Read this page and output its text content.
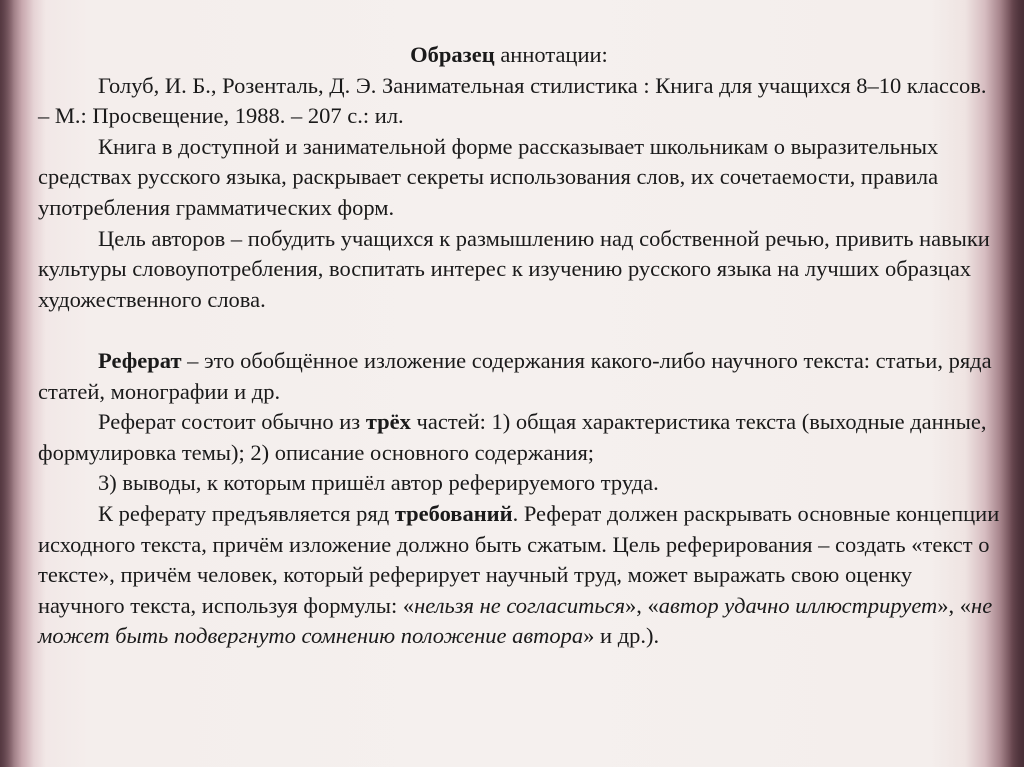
Образец аннотации:

Голуб, И. Б., Розенталь, Д. Э. Занимательная стилистика : Книга для учащихся 8–10 классов. – М.: Просвещение, 1988. – 207 с.: ил.

Книга в доступной и занимательной форме рассказывает школьникам о выразительных средствах русского языка, раскрывает секреты использования слов, их сочетаемости, правила употребления грамматических форм.

Цель авторов – побудить учащихся к размышлению над собственной речью, привить навыки культуры словоупотребления, воспитать интерес к изучению русского языка на лучших образцах художественного слова.

Реферат – это обобщённое изложение содержания какого-либо научного текста: статьи, ряда статей, монографии и др.

Реферат состоит обычно из трёх частей: 1) общая характеристика текста (выходные данные, формулировка темы); 2) описание основного содержания;

3) выводы, к которым пришёл автор реферируемого труда.

К реферату предъявляется ряд требований. Реферат должен раскрывать основные концепции исходного текста, причём изложение должно быть сжатым. Цель реферирования – создать «текст о тексте», причём человек, который реферирует научный труд, может выражать свою оценку научного текста, используя формулы: «нельзя не согласиться», «автор удачно иллюстрирует», «не может быть подвергнуто сомнению положение автора» и др.).
